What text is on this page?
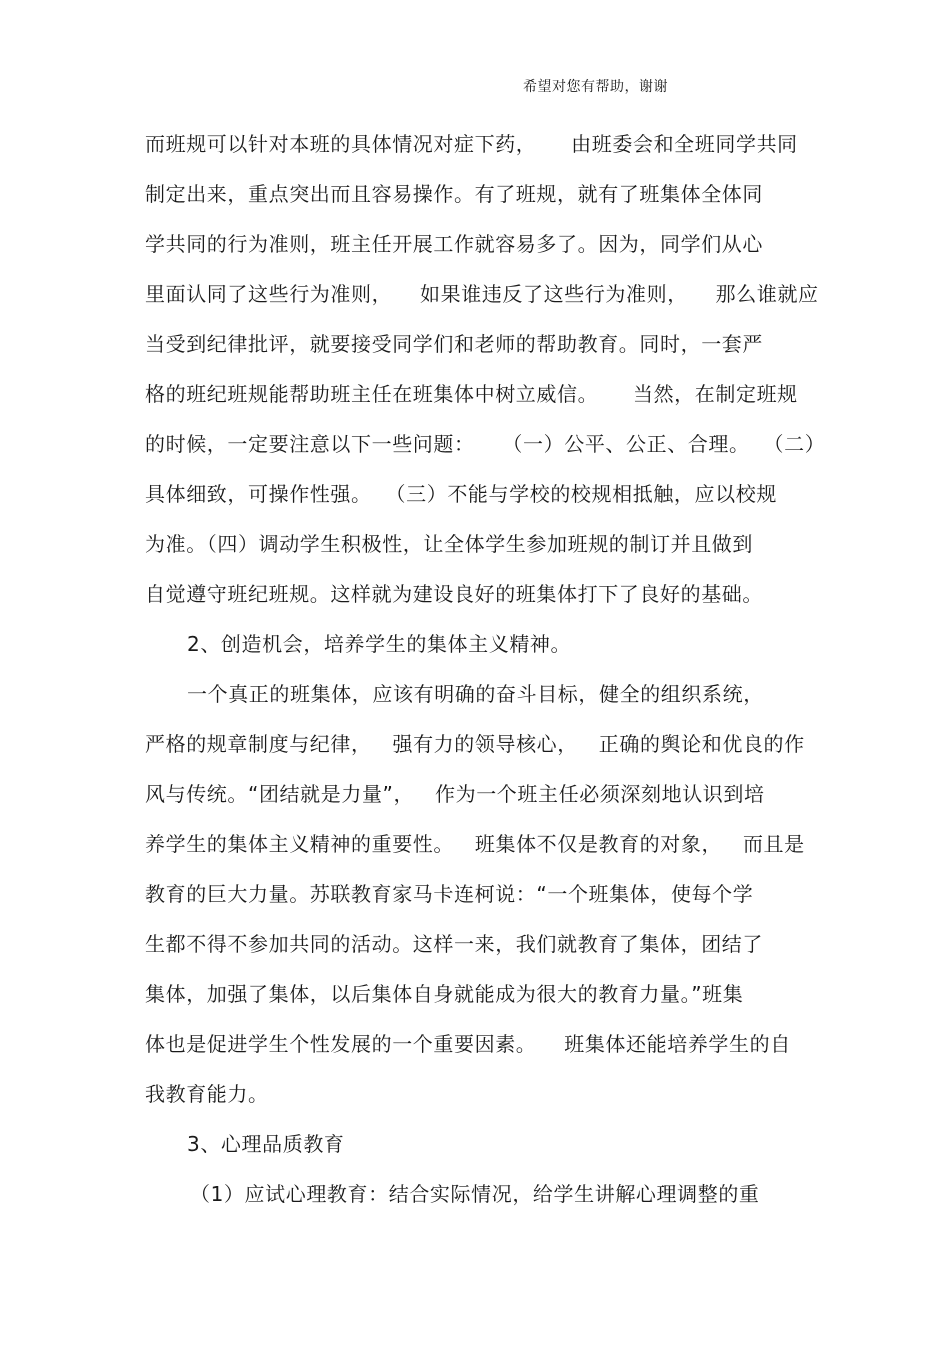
希望对您有帮助，谢谢
而班规可以针对本班的具体情况对症下药，     由班委会和全班同学共同
制定出来，重点突出而且容易操作。有了班规，就有了班集体全体同
学共同的行为准则，班主任开展工作就容易多了。因为，同学们从心
里面认同了这些行为准则，    如果谁违反了这些行为准则，    那么谁就应
当受到纪律批评，就要接受同学们和老师的帮助教育。同时，一套严
格的班纪班规能帮助班主任在班集体中树立威信。     当然，在制定班规
的时候，一定要注意以下一些问题：    （一）公平、公正、合理。  （二）
具体细致，可操作性强。  （三）不能与学校的校规相抵触，应以校规
为准。（四）调动学生积极性，让全体学生参加班规的制订并且做到
自觉遵守班纪班规。这样就为建设良好的班集体打下了良好的基础。
2、创造机会，培养学生的集体主义精神。
一个真正的班集体，应该有明确的奋斗目标，健全的组织系统，
严格的规章制度与纪律，   强有力的领导核心，   正确的舆论和优良的作
风与传统。“团结就是力量”，   作为一个班主任必须深刻地认识到培
养学生的集体主义精神的重要性。   班集体不仅是教育的对象，   而且是
教育的巨大力量。苏联教育家马卡连柯说：“一个班集体，使每个学
生都不得不参加共同的活动。这样一来，我们就教育了集体，团结了
集体，加强了集体，以后集体自身就能成为很大的教育力量。”班集
体也是促进学生个性发展的一个重要因素。    班集体还能培养学生的自
我教育能力。
3、心理品质教育
（1）应试心理教育：结合实际情况，给学生讲解心理调整的重
